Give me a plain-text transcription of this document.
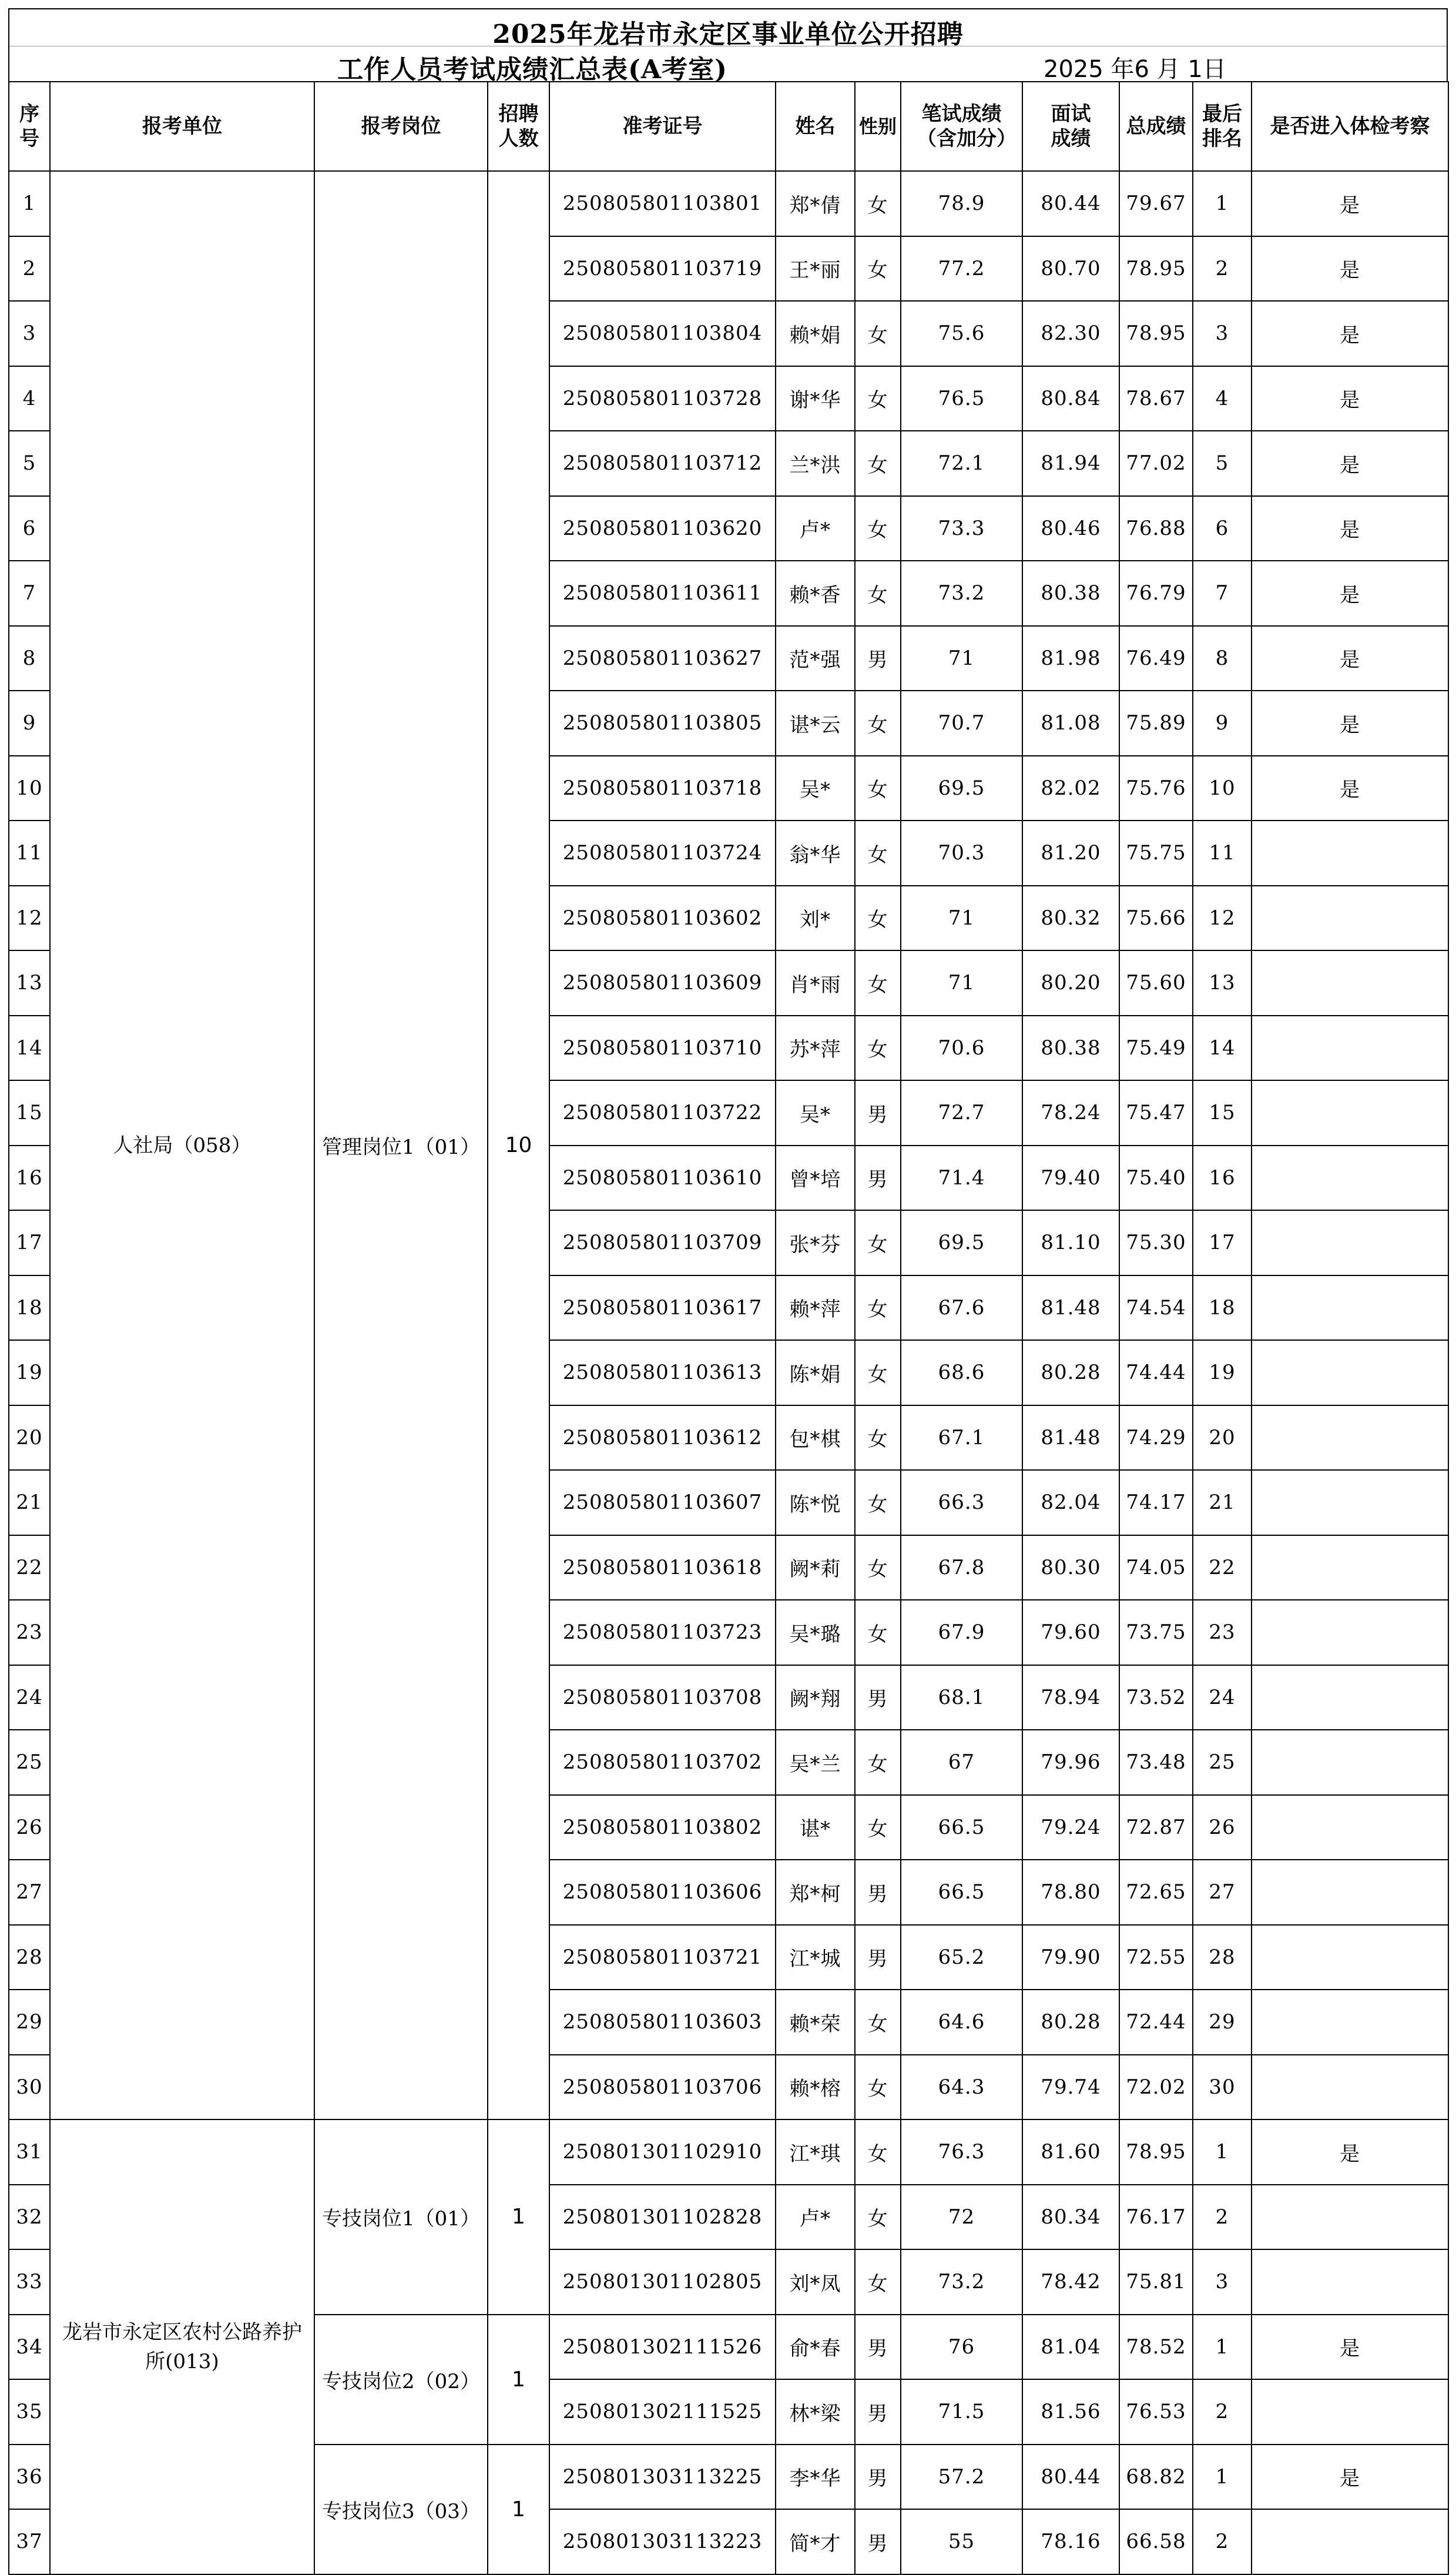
2025年龙岩市永定区事业单位公开招聘
工作人员考试成绩汇总表(A考室)	2025 年6 月 1日
序号	报考单位	报考岗位	招聘人数	准考证号	姓名	性别	笔试成绩（含加分）	面试成绩	总成绩	最后排名	是否进入体检考察
1	人社局（058）	管理岗位1（01）	10	250805801103801	郑*倩	女	78.9	80.44	79.67	1	是
2				250805801103719	王*丽	女	77.2	80.70	78.95	2	是
3				250805801103804	赖*娟	女	75.6	82.30	78.95	3	是
4				250805801103728	谢*华	女	76.5	80.84	78.67	4	是
5				250805801103712	兰*洪	女	72.1	81.94	77.02	5	是
6				250805801103620	卢*	女	73.3	80.46	76.88	6	是
7				250805801103611	赖*香	女	73.2	80.38	76.79	7	是
8				250805801103627	范*强	男	71	81.98	76.49	8	是
9				250805801103805	谌*云	女	70.7	81.08	75.89	9	是
10				250805801103718	吴*	女	69.5	82.02	75.76	10	是
11				250805801103724	翁*华	女	70.3	81.20	75.75	11	
12				250805801103602	刘*	女	71	80.32	75.66	12	
13				250805801103609	肖*雨	女	71	80.20	75.60	13	
14				250805801103710	苏*萍	女	70.6	80.38	75.49	14	
15				250805801103722	吴*	男	72.7	78.24	75.47	15	
16				250805801103610	曾*培	男	71.4	79.40	75.40	16	
17				250805801103709	张*芬	女	69.5	81.10	75.30	17	
18				250805801103617	赖*萍	女	67.6	81.48	74.54	18	
19				250805801103613	陈*娟	女	68.6	80.28	74.44	19	
20				250805801103612	包*棋	女	67.1	81.48	74.29	20	
21				250805801103607	陈*悦	女	66.3	82.04	74.17	21	
22				250805801103618	阙*莉	女	67.8	80.30	74.05	22	
23				250805801103723	吴*璐	女	67.9	79.60	73.75	23	
24				250805801103708	阙*翔	男	68.1	78.94	73.52	24	
25				250805801103702	吴*兰	女	67	79.96	73.48	25	
26				250805801103802	谌*	女	66.5	79.24	72.87	26	
27				250805801103606	郑*柯	男	66.5	78.80	72.65	27	
28				250805801103721	江*城	男	65.2	79.90	72.55	28	
29				250805801103603	赖*荣	女	64.6	80.28	72.44	29	
30				250805801103706	赖*榕	女	64.3	79.74	72.02	30	
31	龙岩市永定区农村公路养护所(013)	专技岗位1（01）	1	250801301102910	江*琪	女	76.3	81.60	78.95	1	是
32				250801301102828	卢*	女	72	80.34	76.17	2	
33				250801301102805	刘*凤	女	73.2	78.42	75.81	3	
34		专技岗位2（02）	1	250801302111526	俞*春	男	76	81.04	78.52	1	是
35				250801302111525	林*梁	男	71.5	81.56	76.53	2	
36		专技岗位3（03）	1	250801303113225	李*华	男	57.2	80.44	68.82	1	是
37				250801303113223	简*才	男	55	78.16	66.58	2	
